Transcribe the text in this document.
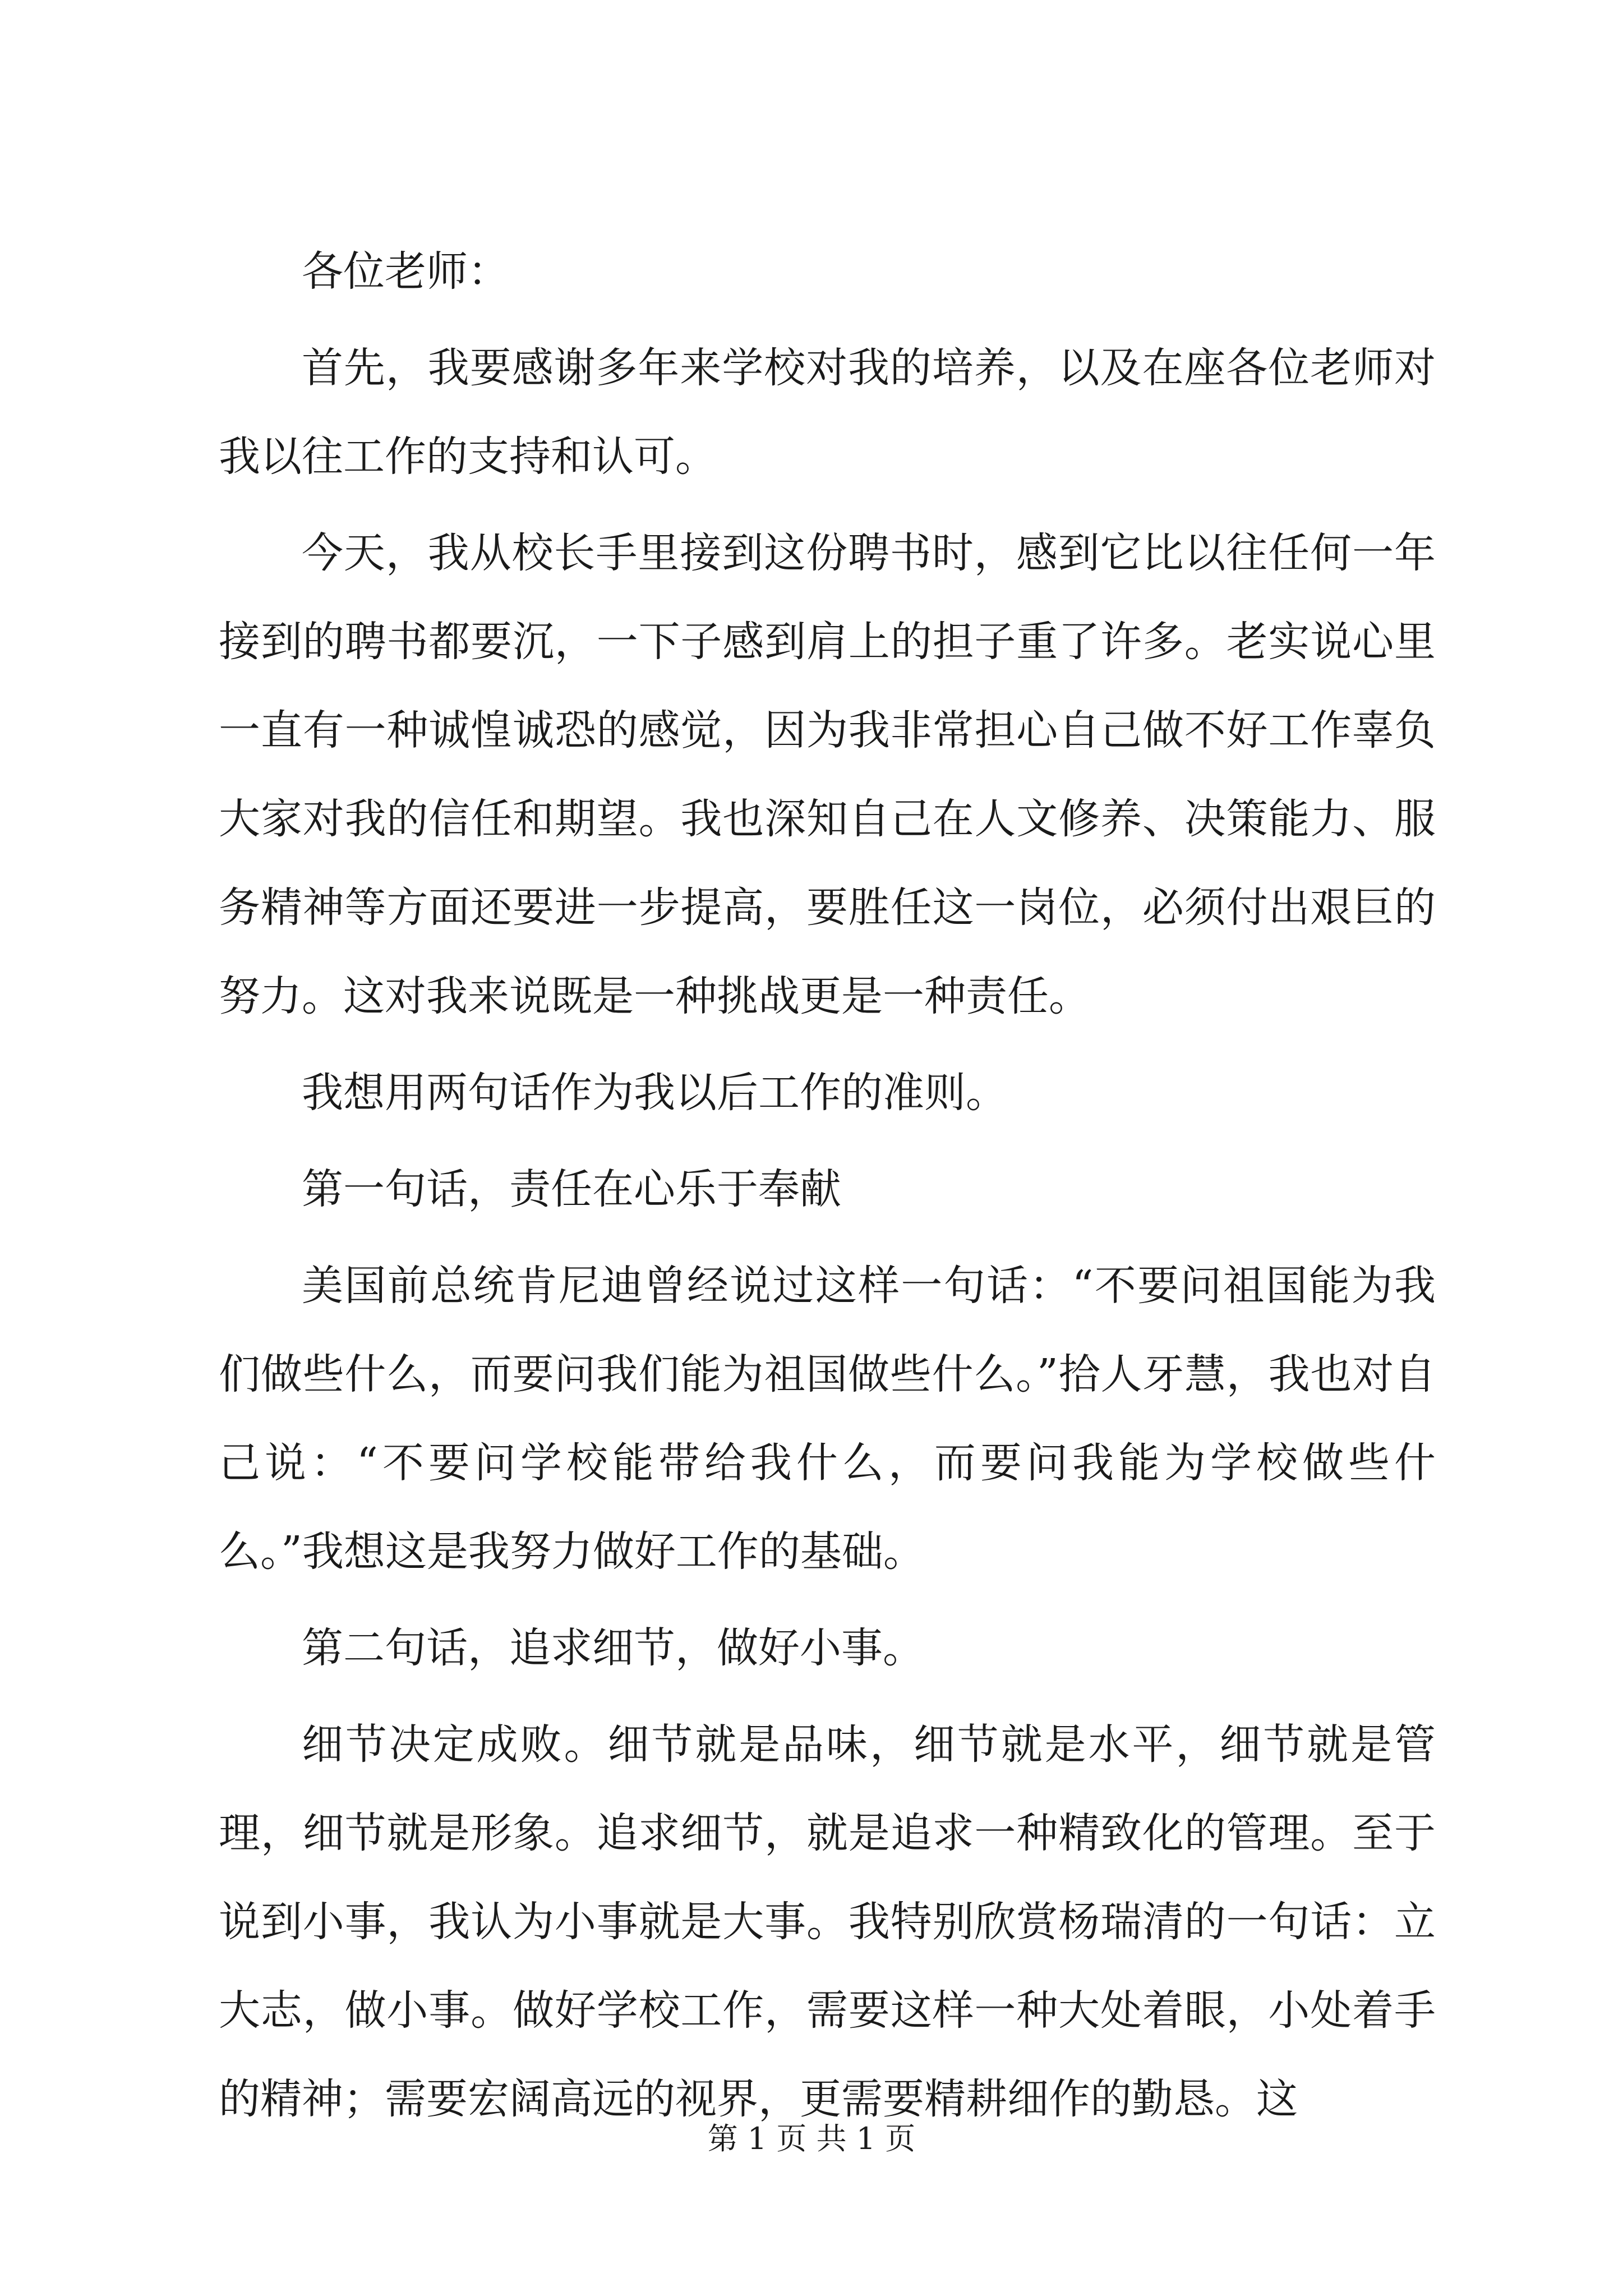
各位老师：

首先，我要感谢多年来学校对我的培养，以及在座各位老师对我以往工作的支持和认可。

今天，我从校长手里接到这份聘书时，感到它比以往任何一年接到的聘书都要沉，一下子感到肩上的担子重了许多。老实说心里一直有一种诚惶诚恐的感觉，因为我非常担心自己做不好工作辜负大家对我的信任和期望。我也深知自己在人文修养、决策能力、服务精神等方面还要进一步提高，要胜任这一岗位，必须付出艰巨的努力。这对我来说既是一种挑战更是一种责任。

我想用两句话作为我以后工作的准则。

第一句话，责任在心乐于奉献

美国前总统肯尼迪曾经说过这样一句话：“不要问祖国能为我们做些什么，而要问我们能为祖国做些什么。”拾人牙慧，我也对自己说：“不要问学校能带给我什么，而要问我能为学校做些什么。”我想这是我努力做好工作的基础。

第二句话，追求细节，做好小事。

细节决定成败。细节就是品味，细节就是水平，细节就是管理，细节就是形象。追求细节，就是追求一种精致化的管理。至于说到小事，我认为小事就是大事。我特别欣赏杨瑞清的一句话：立大志，做小事。做好学校工作，需要这样一种大处着眼，小处着手的精神；需要宏阔高远的视界，更需要精耕细作的勤恳。这

第 1 页 共 1 页
